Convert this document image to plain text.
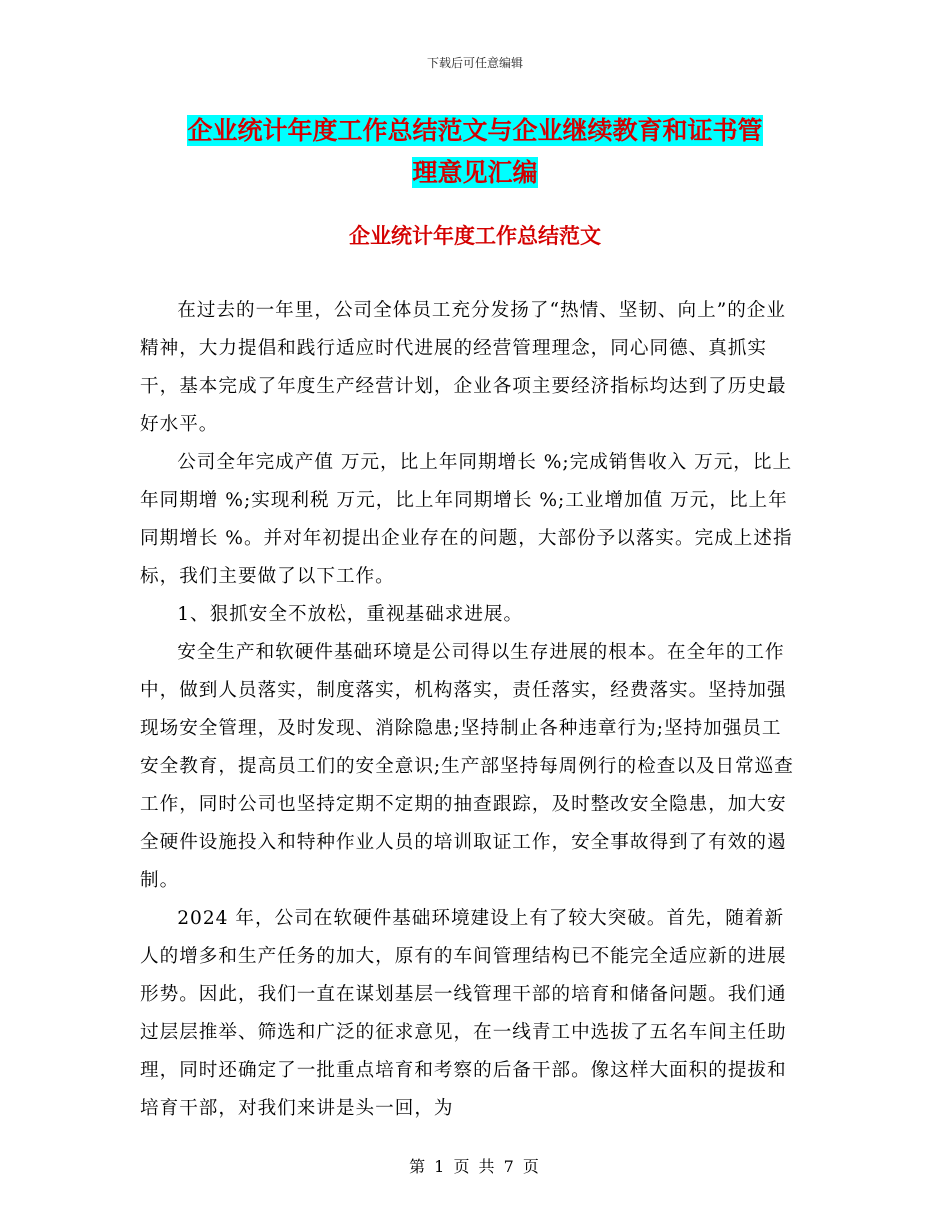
下载后可任意编辑
企业统计年度工作总结范文与企业继续教育和证书管
理意见汇编
企业统计年度工作总结范文

在过去的一年里，公司全体员工充分发扬了“热情、坚韧、向上”的企业精神，大力提倡和践行适应时代进展的经营管理理念，同心同德、真抓实干，基本完成了年度生产经营计划，企业各项主要经济指标均达到了历史最好水平。

公司全年完成产值 万元，比上年同期增长 %;完成销售收入 万元，比上年同期增 %;实现利税 万元，比上年同期增长 %;工业增加值 万元，比上年同期增长 %。并对年初提出企业存在的问题，大部份予以落实。完成上述指标，我们主要做了以下工作。

1、狠抓安全不放松，重视基础求进展。

安全生产和软硬件基础环境是公司得以生存进展的根本。在全年的工作中，做到人员落实，制度落实，机构落实，责任落实，经费落实。坚持加强现场安全管理，及时发现、消除隐患;坚持制止各种违章行为;坚持加强员工安全教育，提高员工们的安全意识;生产部坚持每周例行的检查以及日常巡查工作，同时公司也坚持定期不定期的抽查跟踪，及时整改安全隐患，加大安全硬件设施投入和特种作业人员的培训取证工作，安全事故得到了有效的遏制。

2024 年，公司在软硬件基础环境建设上有了较大突破。首先，随着新人的增多和生产任务的加大，原有的车间管理结构已不能完全适应新的进展形势。因此，我们一直在谋划基层一线管理干部的培育和储备问题。我们通过层层推举、筛选和广泛的征求意见，在一线青工中选拔了五名车间主任助理，同时还确定了一批重点培育和考察的后备干部。像这样大面积的提拔和培育干部，对我们来讲是头一回，为

第 1 页 共 7 页
